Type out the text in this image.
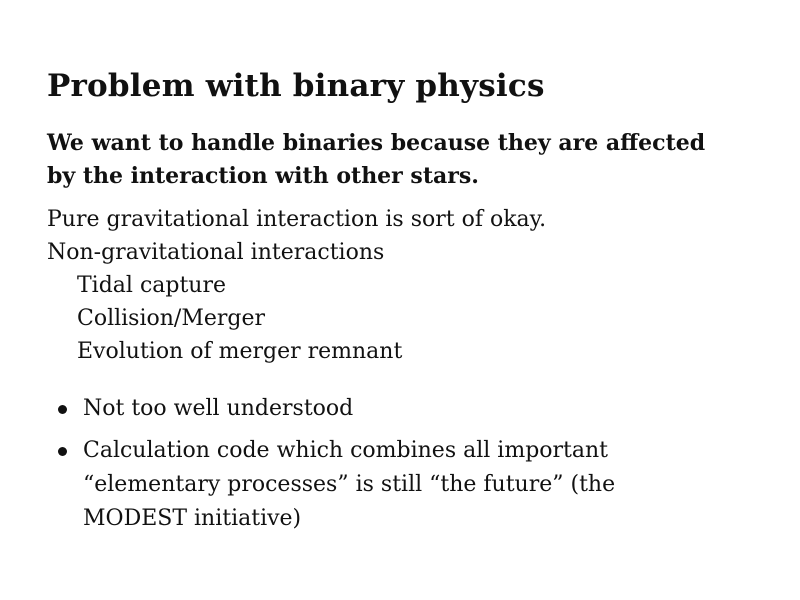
Problem with binary physics
We want to handle binaries because they are affected
by the interaction with other stars.
Pure gravitational interaction is sort of okay.
Non-gravitational interactions
Tidal capture
Collision/Merger
Evolution of merger remnant
Not too well understood
Calculation code which combines all important
“elementary processes” is still “the future” (the
MODEST initiative)
